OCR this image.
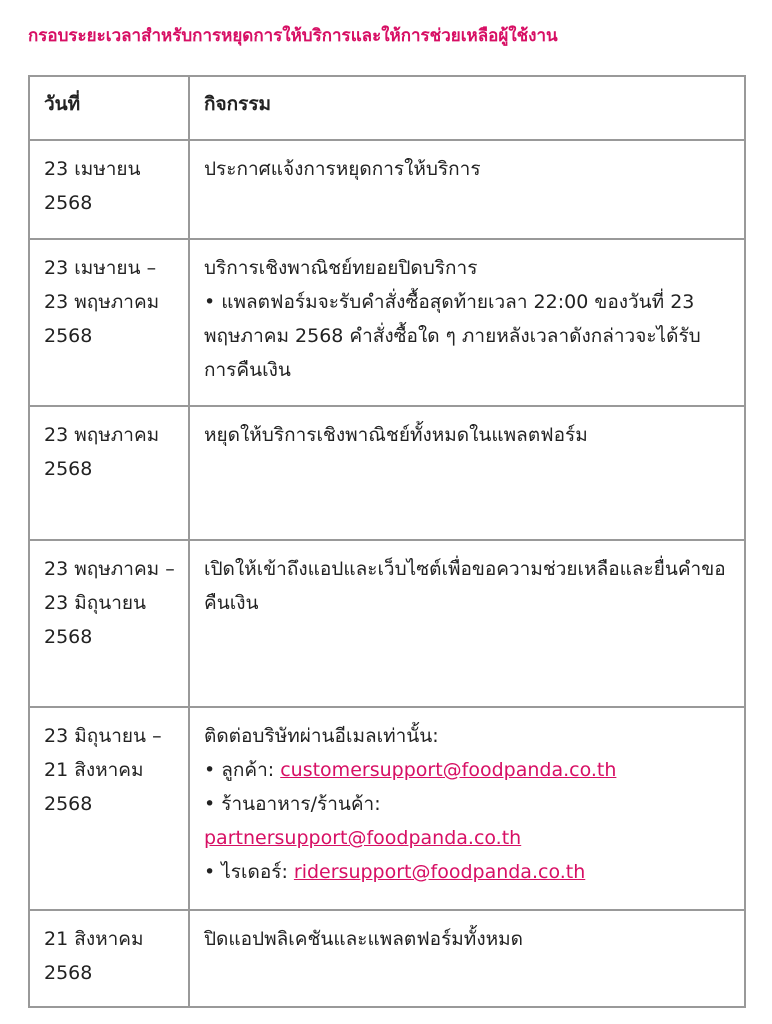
กรอบระยะเวลาสำหรับการหยุดการให้บริการและให้การช่วยเหลือผู้ใช้งาน
วันที่	กิจกรรม
23 เมษายน 2568	ประกาศแจ้งการหยุดการให้บริการ
23 เมษายน – 23 พฤษภาคม 2568	บริการเชิงพาณิชย์ทยอยปิดบริการ
• แพลตฟอร์มจะรับคำสั่งซื้อสุดท้ายเวลา 22:00 ของวันที่ 23 พฤษภาคม 2568 คำสั่งซื้อใด ๆ ภายหลังเวลาดังกล่าวจะได้รับการคืนเงิน

23 พฤษภาคม 2568	หยุดให้บริการเชิงพาณิชย์ทั้งหมดในแพลตฟอร์ม
23 พฤษภาคม – 23 มิถุนายน 2568	เปิดให้เข้าถึงแอปและเว็บไซต์เพื่อขอความช่วยเหลือและยื่นคำขอคืนเงิน
23 มิถุนายน – 21 สิงหาคม 2568	ติดต่อบริษัทผ่านอีเมลเท่านั้น:
• ลูกค้า: customersupport@foodpanda.co.th
• ร้านอาหาร/ร้านค้า:
partnersupport@foodpanda.co.th
• ไรเดอร์: ridersupport@foodpanda.co.th

21 สิงหาคม 2568	ปิดแอปพลิเคชันและแพลตฟอร์มทั้งหมด
